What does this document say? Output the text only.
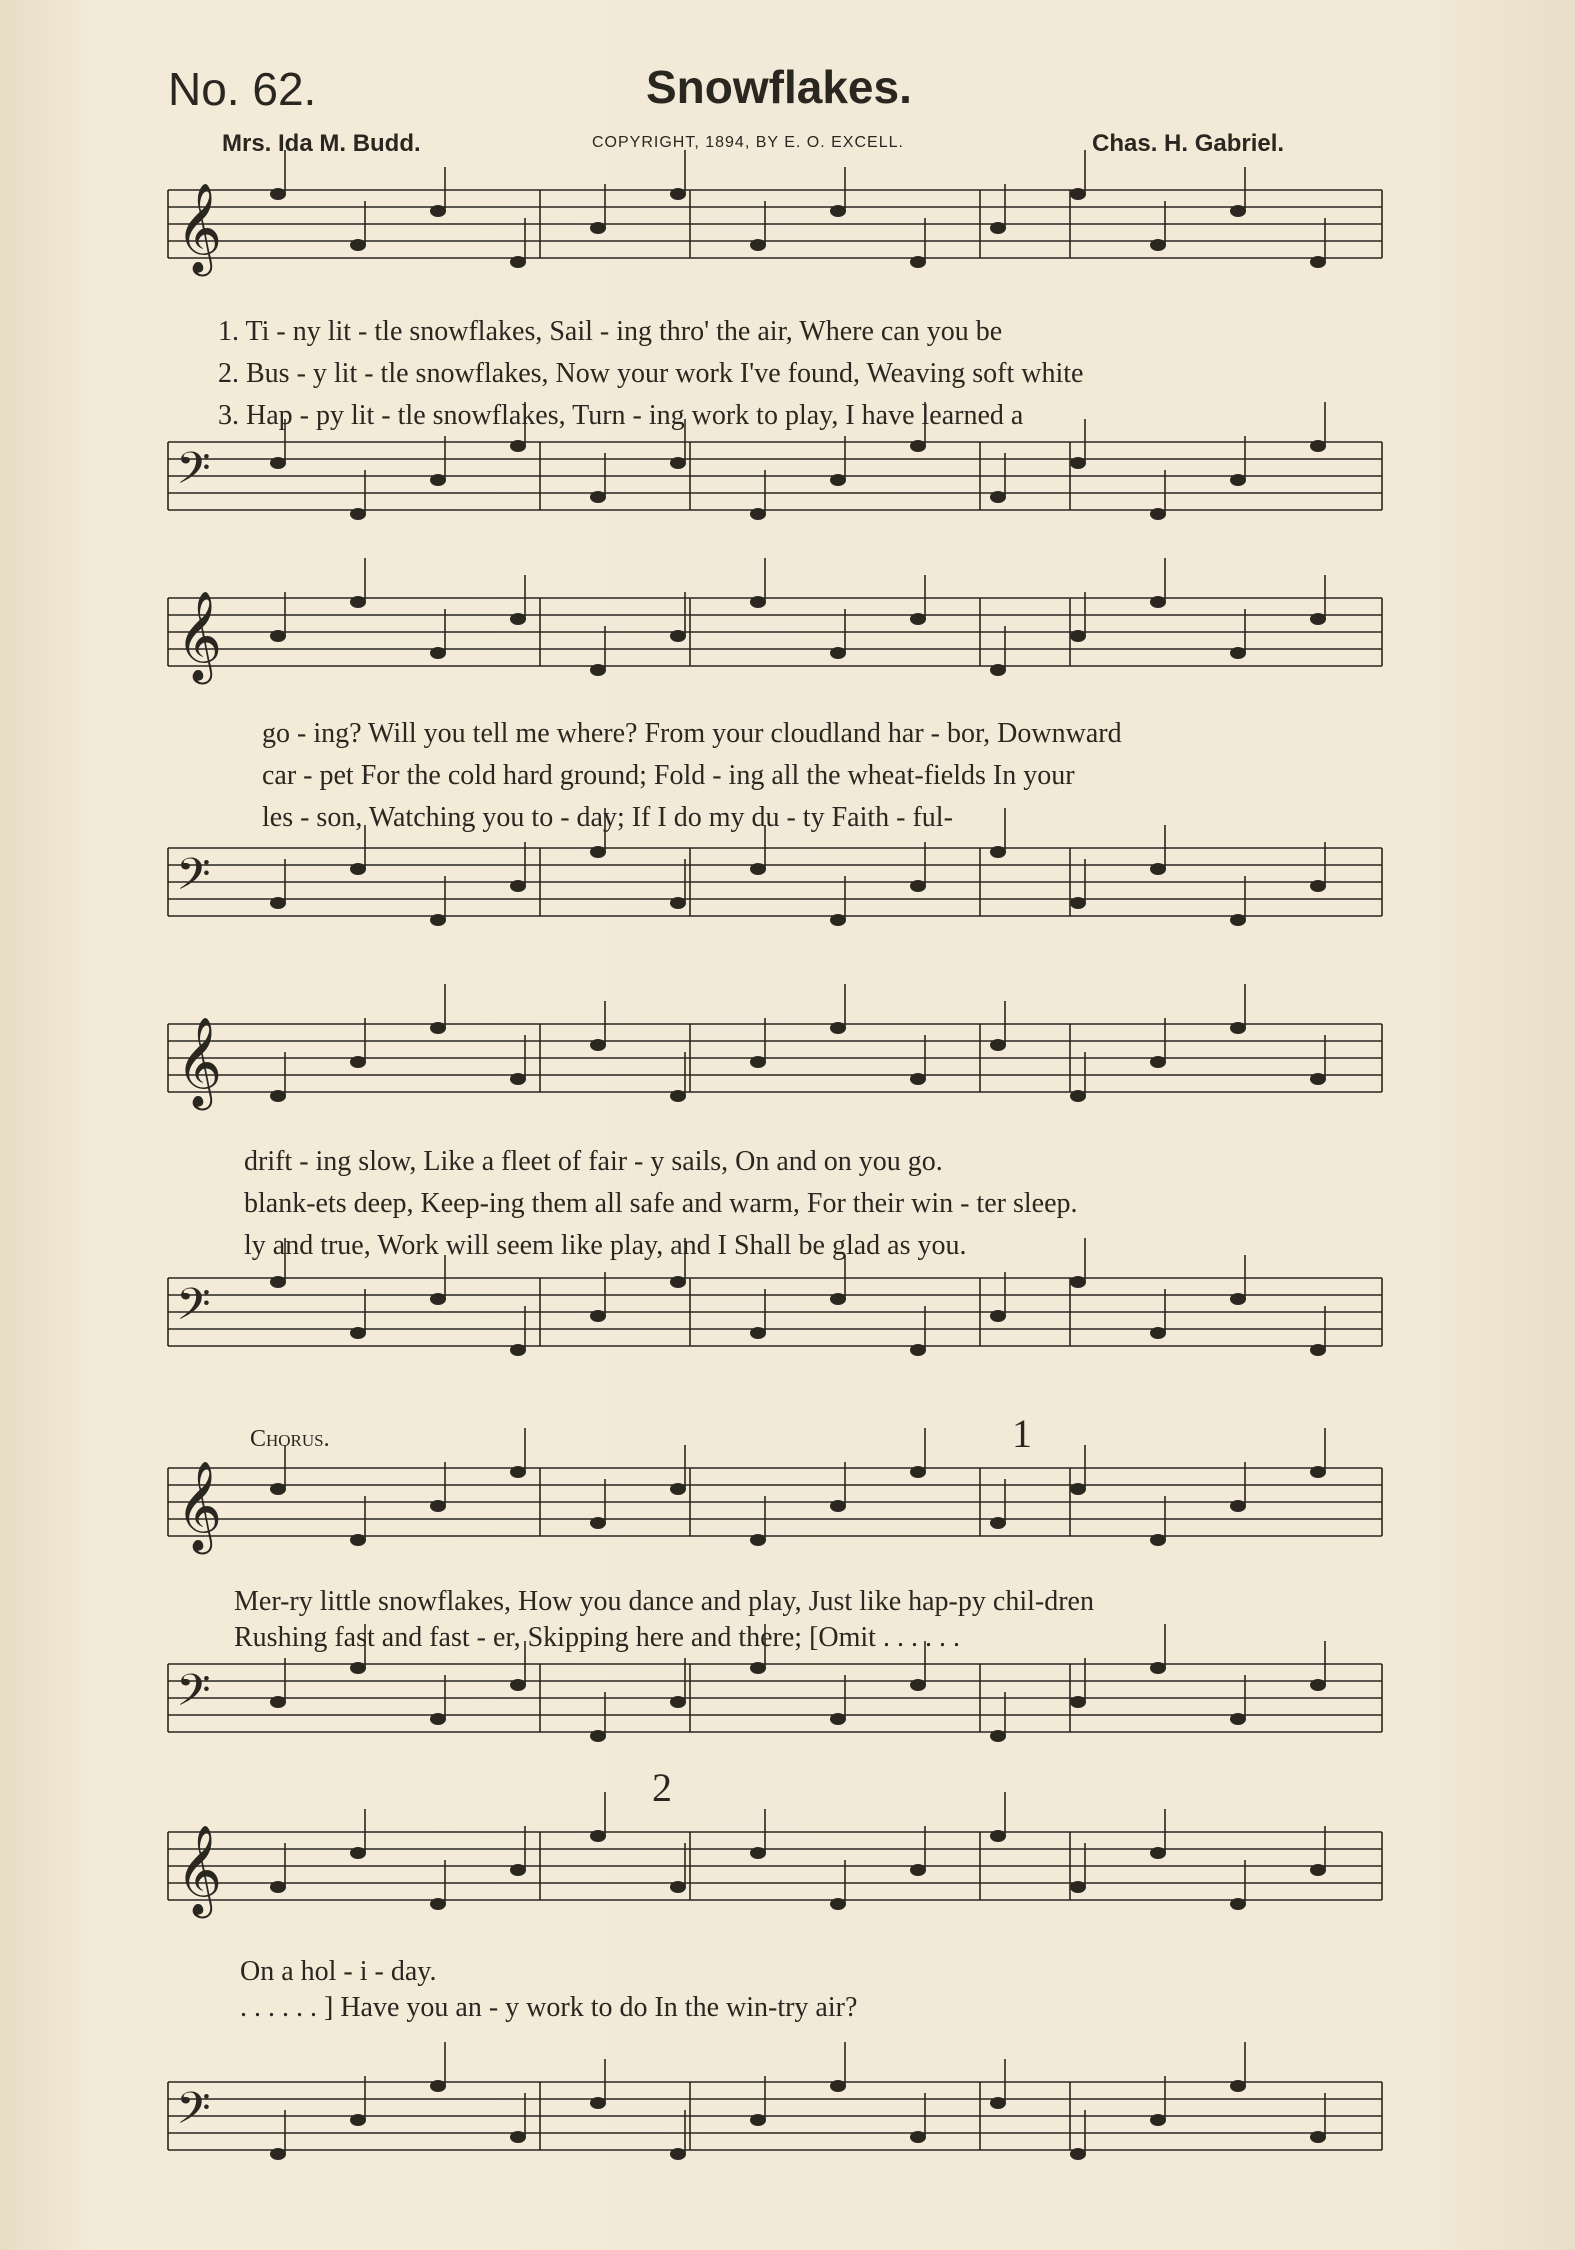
No. 62.	Snowflakes.
Mrs. Ida M. Budd.	COPYRIGHT, 1894, BY E. O. EXCELL.	Chas. H. Gabriel.
𝄞
𝄢
𝄞
𝄢
𝄞
𝄢
𝄞
𝄢
𝄞
𝄢
1. Ti - ny lit - tle snowflakes, Sail - ing thro' the air, Where can you be
2. Bus - y lit - tle snowflakes, Now your work I've found, Weaving soft white
3. Hap - py lit - tle snowflakes, Turn - ing work to play, I have learned a
go - ing? Will you tell me where? From your cloudland har - bor, Downward
car - pet For the cold hard ground; Fold - ing all the wheat-fields In your
les - son, Watching you to - day; If I do my du - ty Faith - ful-
drift - ing slow, Like a fleet of fair - y sails, On and on you go.
blank-ets deep, Keep-ing them all safe and warm, For their win - ter sleep.
ly and true, Work will seem like play, and I Shall be glad as you.
Chorus.
Mer-ry little snowflakes, How you dance and play, Just like hap-py chil-dren
Rushing fast and fast - er, Skipping here and there; [Omit . . . . . .
On a hol - i - day.
. . . . . . ] Have you an - y work to do In the win-try air?
1
2
